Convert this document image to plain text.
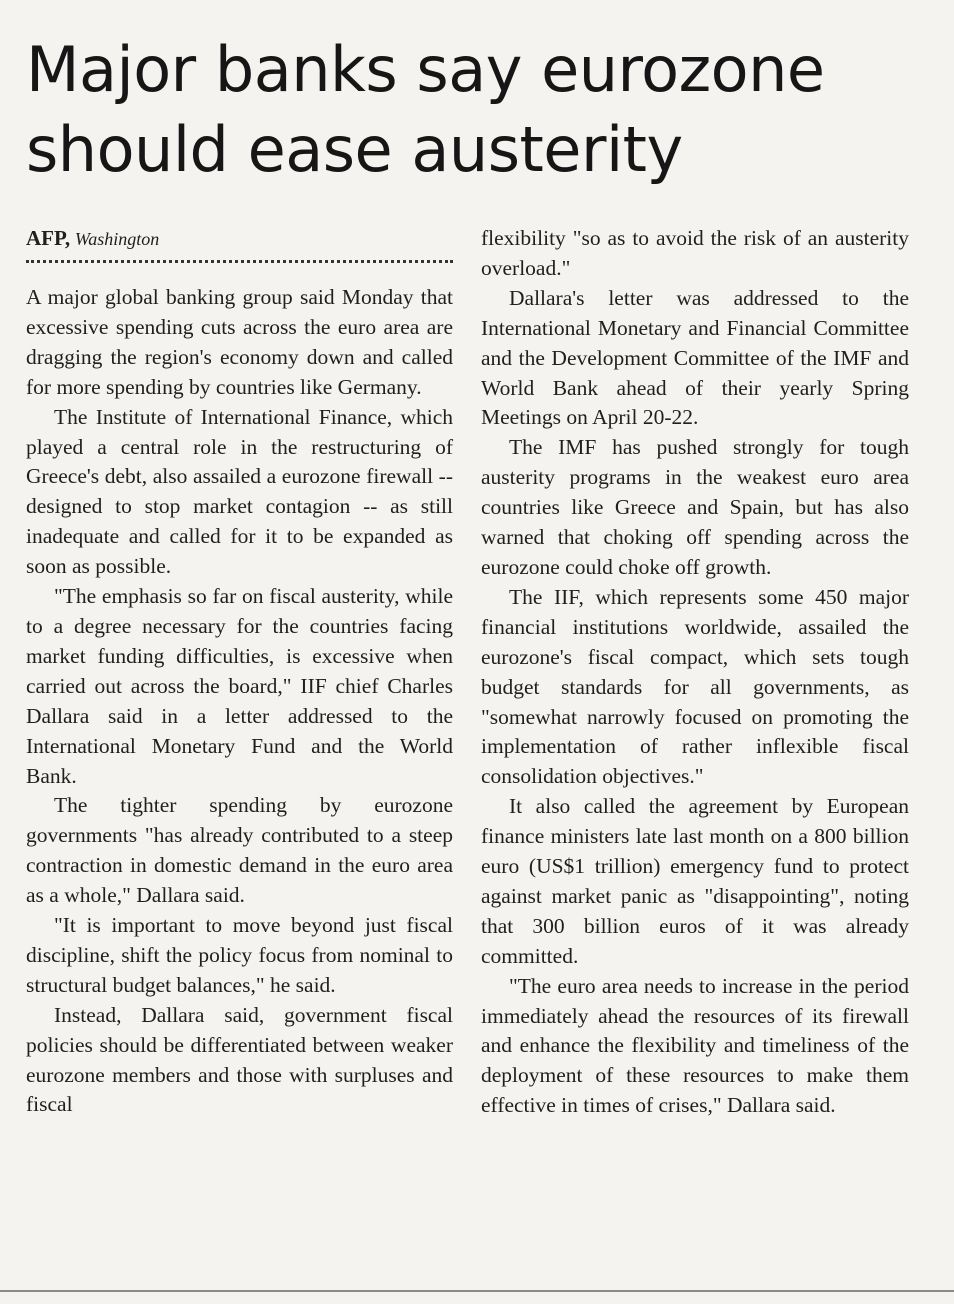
Major banks say eurozone
should ease austerity
AFP, Washington

A major global banking group said Monday that excessive spending cuts across the euro area are dragging the region's economy down and called for more spending by countries like Germany.

The Institute of International Finance, which played a central role in the restructuring of Greece's debt, also assailed a eurozone firewall -- designed to stop market contagion -- as still inadequate and called for it to be expanded as soon as possible.

"The emphasis so far on fiscal austerity, while to a degree necessary for the countries facing market funding difficulties, is excessive when carried out across the board," IIF chief Charles Dallara said in a letter addressed to the International Monetary Fund and the World Bank.

The tighter spending by eurozone governments "has already contributed to a steep contraction in domestic demand in the euro area as a whole," Dallara said.

"It is important to move beyond just fiscal discipline, shift the policy focus from nominal to structural budget balances," he said.

Instead, Dallara said, government fiscal policies should be differentiated between weaker eurozone members and those with surpluses and fiscal

flexibility "so as to avoid the risk of an austerity overload."

Dallara's letter was addressed to the International Monetary and Financial Committee and the Development Committee of the IMF and World Bank ahead of their yearly Spring Meetings on April 20-22.

The IMF has pushed strongly for tough austerity programs in the weakest euro area countries like Greece and Spain, but has also warned that choking off spending across the eurozone could choke off growth.

The IIF, which represents some 450 major financial institutions worldwide, assailed the eurozone's fiscal compact, which sets tough budget standards for all governments, as "somewhat narrowly focused on promoting the implementation of rather inflexible fiscal consolidation objectives."

It also called the agreement by European finance ministers late last month on a 800 billion euro (US$1 trillion) emergency fund to protect against market panic as "disappointing", noting that 300 billion euros of it was already committed.

"The euro area needs to increase in the period immediately ahead the resources of its firewall and enhance the flexibility and timeliness of the deployment of these resources to make them effective in times of crises," Dallara said.
